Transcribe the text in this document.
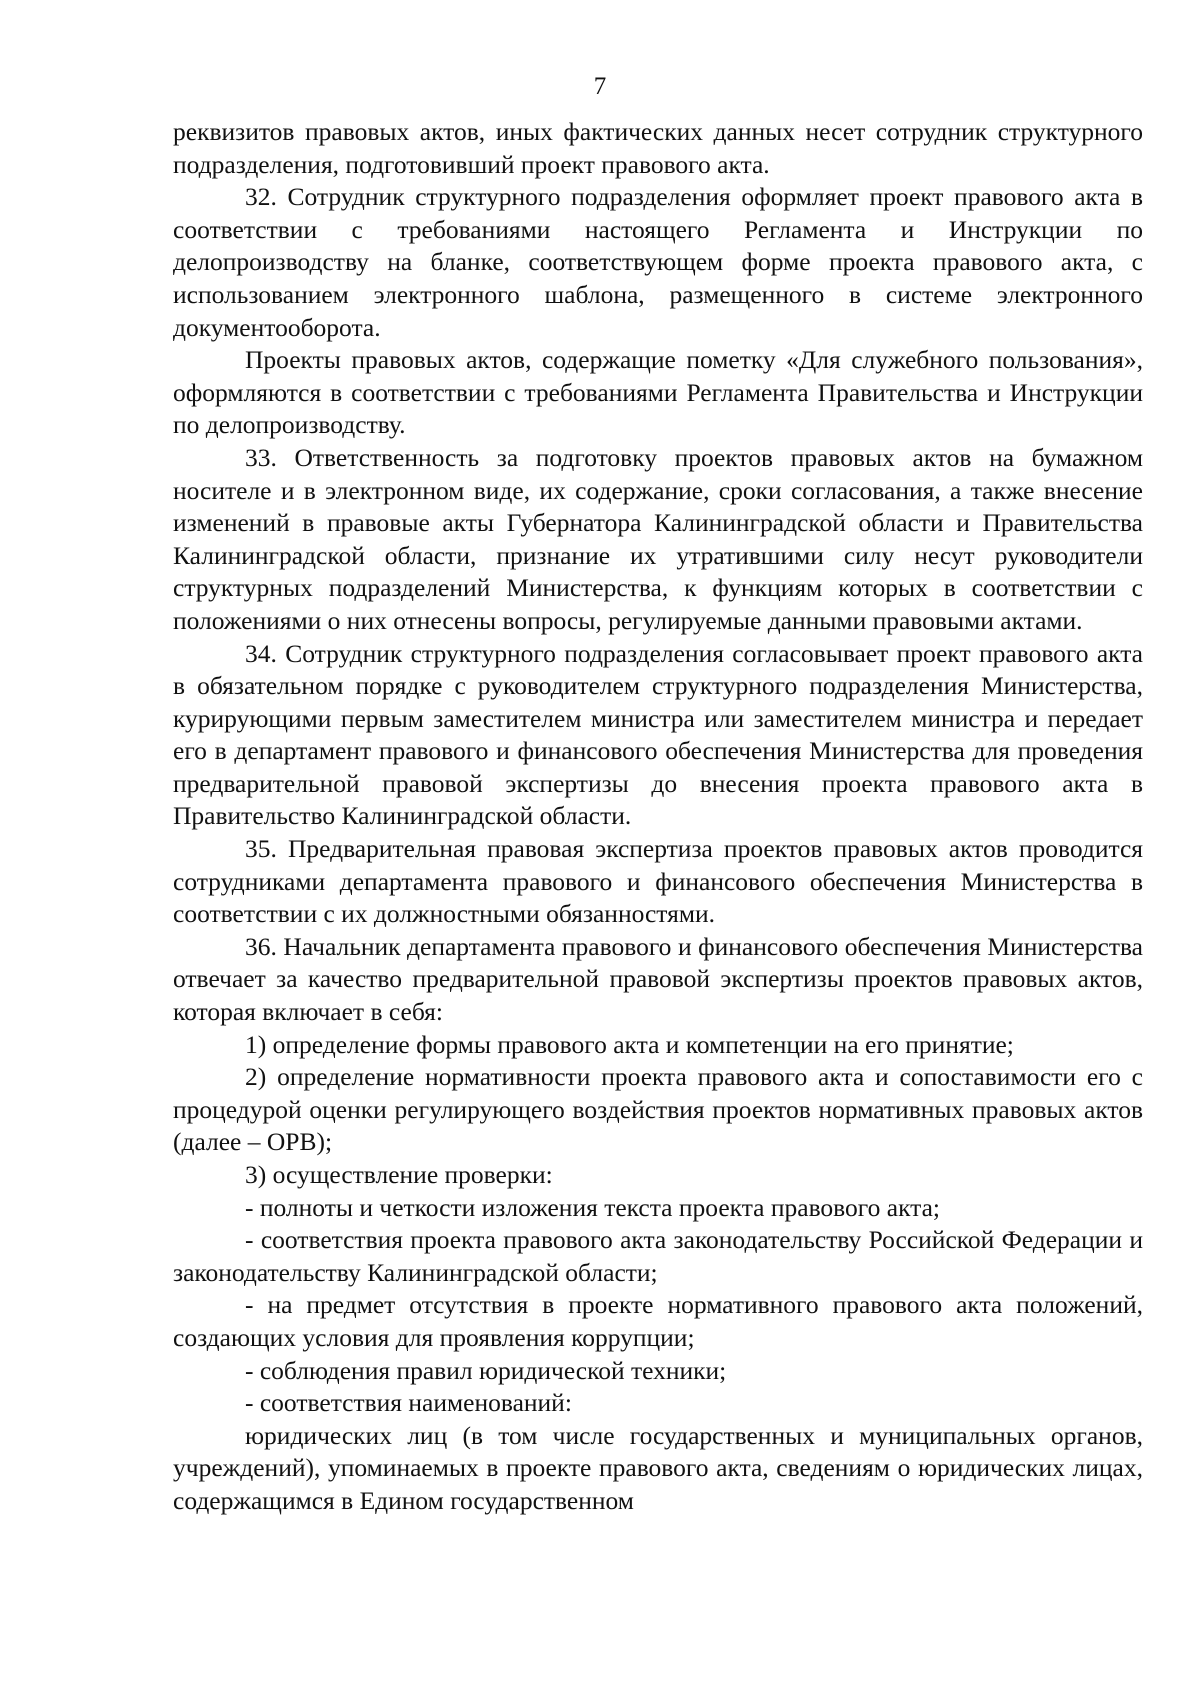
7

реквизитов правовых актов, иных фактических данных несет сотрудник структурного подразделения, подготовивший проект правового акта.

32. Сотрудник структурного подразделения оформляет проект правового акта в соответствии с требованиями настоящего Регламента и Инструкции по делопроизводству на бланке, соответствующем форме проекта правового акта, с использованием электронного шаблона, размещенного в системе электронного документооборота.

Проекты правовых актов, содержащие пометку «Для служебного пользования», оформляются в соответствии с требованиями Регламента Правительства и Инструкции по делопроизводству.

33. Ответственность за подготовку проектов правовых актов на бумажном носителе и в электронном виде, их содержание, сроки согласования, а также внесение изменений в правовые акты Губернатора Калининградской области и Правительства Калининградской области, признание их утратившими силу несут руководители структурных подразделений Министерства, к функциям которых в соответствии с положениями о них отнесены вопросы, регулируемые данными правовыми актами.

34. Сотрудник структурного подразделения согласовывает проект правового акта в обязательном порядке с руководителем структурного подразделения Министерства, курирующими первым заместителем министра или заместителем министра и передает его в департамент правового и финансового обеспечения Министерства для проведения предварительной правовой экспертизы до внесения проекта правового акта в Правительство Калининградской области.

35. Предварительная правовая экспертиза проектов правовых актов проводится сотрудниками департамента правового и финансового обеспечения Министерства в соответствии с их должностными обязанностями.

36. Начальник департамента правового и финансового обеспечения Министерства отвечает за качество предварительной правовой экспертизы проектов правовых актов, которая включает в себя:

1) определение формы правового акта и компетенции на его принятие;

2) определение нормативности проекта правового акта и сопоставимости его с процедурой оценки регулирующего воздействия проектов нормативных правовых актов (далее – ОРВ);

3) осуществление проверки:

- полноты и четкости изложения текста проекта правового акта;

- соответствия проекта правового акта законодательству Российской Федерации и законодательству Калининградской области;

- на предмет отсутствия в проекте нормативного правового акта положений, создающих условия для проявления коррупции;

- соблюдения правил юридической техники;

- соответствия наименований:

юридических лиц (в том числе государственных и муниципальных органов, учреждений), упоминаемых в проекте правового акта, сведениям о юридических лицах, содержащимся в Едином государственном
